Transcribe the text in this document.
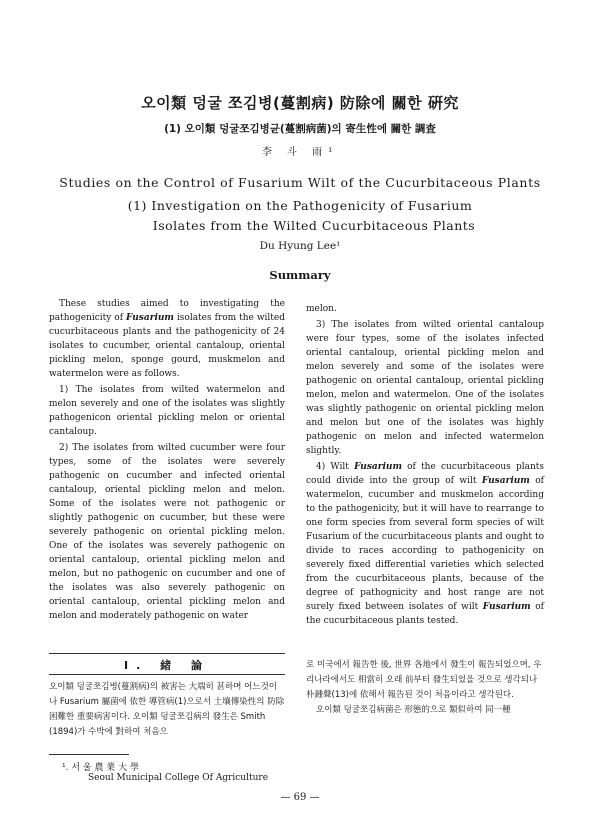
오이類 덩굴 쪼김병(蔓割病) 防除에 關한 硏究
(1) 오이類 덩굴쪼김병균(蔓割病菌)의 寄生性에 關한 調査
李 斗 雨¹
Studies on the Control of Fusarium Wilt of the Cucurbitaceous Plants
(1) Investigation on the Pathogenicity of Fusarium
Isolates from the Wilted Cucurbitaceous Plants
Du Hyung Lee¹
Summary

These studies aimed to investigating the pathogenicity of Fusarium isolates from the wilted cucurbitaceous plants and the pathogenicity of 24 isolates to cucumber, oriental cantaloup, oriental pickling melon, sponge gourd, muskmelon and watermelon were as follows.

1) The isolates from wilted watermelon and melon severely and one of the isolates was slightly pathogenicon oriental pickling melon or oriental cantaloup.

2) The isolates from wilted cucumber were four types, some of the isolates were severely pathogenic on cucumber and infected oriental cantaloup, oriental pickling melon and melon. Some of the isolates were not pathogenic or slightly pathogenic on cucumber, but these were severely pathogenic on oriental pickling melon. One of the isolates was severely pathogenic on oriental cantaloup, oriental pickling melon and melon, but no pathogenic on cucumber and one of the isolates was also severely pathogenic on oriental cantaloup, oriental pickling melon and melon and moderately pathogenic on water

melon.

3) The isolates from wilted oriental cantaloup were four types, some of the isolates infected oriental cantaloup, oriental pickling melon and melon severely and some of the isolates were pathogenic on oriental cantaloup, oriental pickling melon, melon and watermelon. One of the isolates was slightly pathogenic on oriental pickling melon and melon but one of the isolates was highly pathogenic on melon and infected watermelon slightly.

4) Wilt Fusarium of the cucurbitaceous plants could divide into the group of wilt Fusarium of watermelon, cucumber and muskmelon according to the pathogenicity, but it will have to rearrange to one form species from several form species of wilt Fusarium of the cucurbitaceous plants and ought to divide to races according to pathogenicity on severely fixed differential varieties which selected from the cucurbitaceous plants, because of the degree of pathognicity and host range are not surely fixed between isolates of wilt Fusarium of the cucurbitaceous plants tested.

I. 緒 論

오이類 덩굴쪼김병(蔓割病)의 被害는 大端히 甚하며 어느것이나 Fusarium 屬菌에 依한 導管病(1)으로서 土壤傳染性의 防除 困難한 重要病害이다. 오이類 덩굴쪼김病의 發生은 Smith (1894)가 수박에 對하여 처음으

로 미국에서 報告한 後, 世界 各地에서 發生이 報告되었으며, 우리나라에서도 相當히 오래 前부터 發生되었을 것으로 생각되나 朴鍾聲(13)에 依해서 報告된 것이 처음이라고 생각된다.

오이類 덩굴쪼김病菌은 形態的으로 類似하여 同一種

¹. 서 울 農 業 大 學
Seoul Municipal College Of Agriculture
— 69 —
